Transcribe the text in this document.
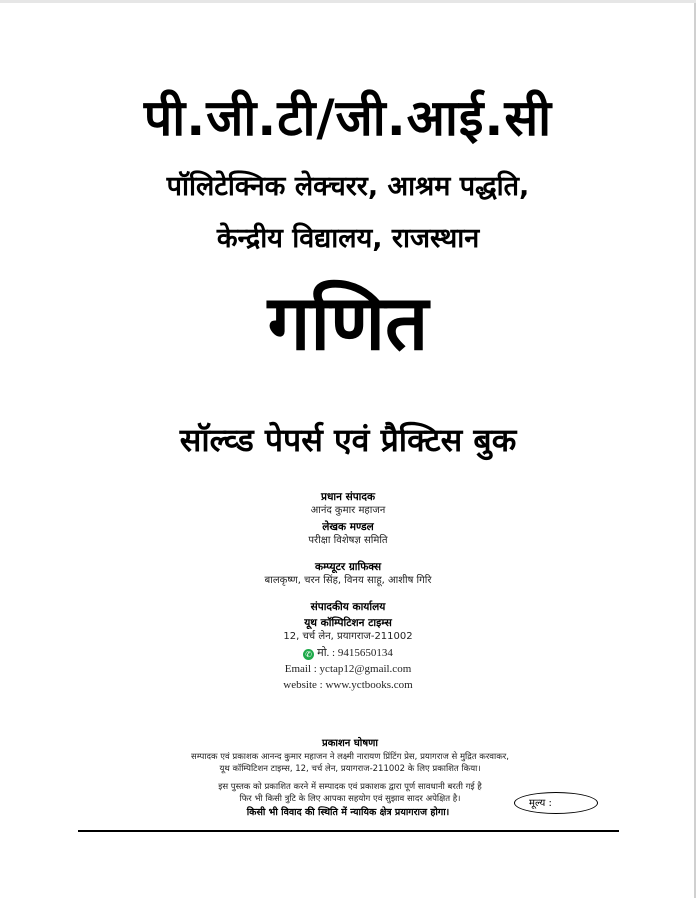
पी.जी.टी/जी.आई.सी
पॉलिटेक्निक लेक्चरर, आश्रम पद्धति,
केन्द्रीय विद्यालय, राजस्थान
गणित
सॉल्व्ड पेपर्स एवं प्रैक्टिस बुक
प्रधान संपादक
आनंद कुमार महाजन
लेखक मण्डल
परीक्षा विशेषज्ञ समिति
कम्प्यूटर ग्राफिक्स
बालकृष्ण, चरन सिंह, विनय साहू, आशीष गिरि
संपादकीय कार्यालय
यूथ कॉम्पिटिशन टाइम्स
12, चर्च लेन, प्रयागराज-211002
✆ मो. : 9415650134
Email : yctap12@gmail.com
website : www.yctbooks.com
प्रकाशन घोषणा
सम्पादक एवं प्रकाशक आनन्द कुमार महाजन ने लक्ष्मी नारायण प्रिंटिंग प्रेस, प्रयागराज से मुद्रित करवाकर,
यूथ कॉम्पिटिशन टाइम्स, 12, चर्च लेन, प्रयागराज-211002 के लिए प्रकाशित किया।
इस पुस्तक को प्रकाशित करने में सम्पादक एवं प्रकाशक द्वारा पूर्ण सावधानी बरती गई है
फिर भी किसी त्रुटि के लिए आपका सहयोग एवं सुझाव सादर अपेक्षित है।	मूल्य :
किसी भी विवाद की स्थिति में न्यायिक क्षेत्र प्रयागराज होगा।
